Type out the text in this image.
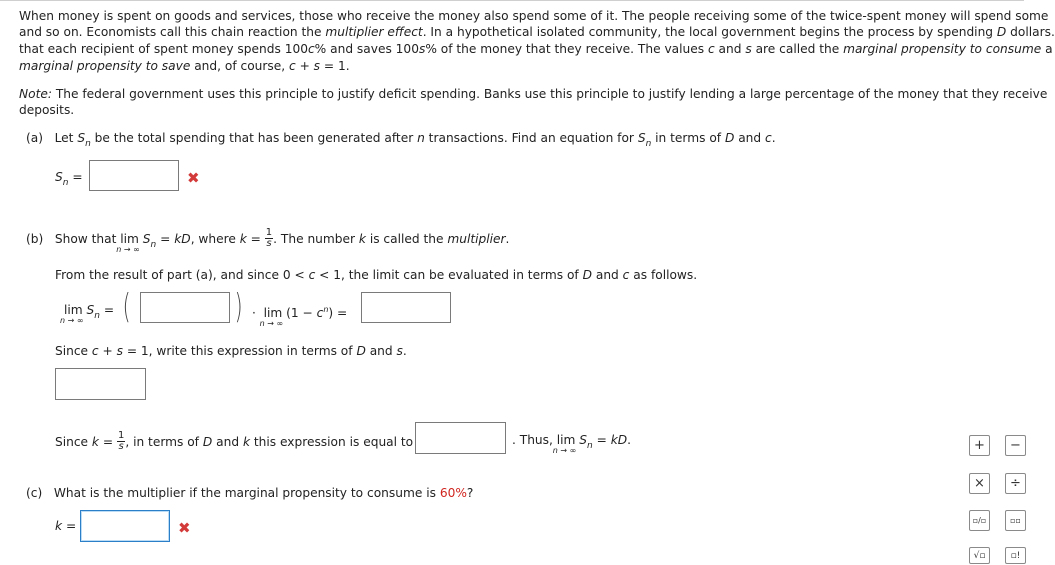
When money is spent on goods and services, those who receive the money also spend some of it. The people receiving some of the twice-spent money will spend some
and so on. Economists call this chain reaction the multiplier effect. In a hypothetical isolated community, the local government begins the process by spending D dollars.
that each recipient of spent money spends 100c% and saves 100s% of the money that they receive. The values c and s are called the marginal propensity to consume a
marginal propensity to save and, of course, c + s = 1.
Note: The federal government uses this principle to justify deficit spending. Banks use this principle to justify lending a large percentage of the money that they receive
deposits.
(a) Let $S_n$ be the total spending that has been generated after n transactions. Find an equation for $S_n$ in terms of D and c.
$S_n$ =	✖
(b) Show that lim
n → ∞
$S_n$ = kD, where $k = \frac{1}{s}$ . The number k is called the multiplier.
From the result of part (a), and since 0 < c < 1, the limit can be evaluated in terms of D and c as follows.
lim
n → ∞
$S_n$ = (	) · lim
n → ∞
$(1 - c^n)$ =
Since c + s = 1, write this expression in terms of D and s.
Since $k = \frac{1}{s}$ , in terms of D and k this expression is equal to	. Thus, lim
n → ∞
$S_n$ = kD.
(c) What is the multiplier if the marginal propensity to consume is 60%?
k =	✖
+	−
×	÷
▫/▫	▫▫
√▫	▫!
